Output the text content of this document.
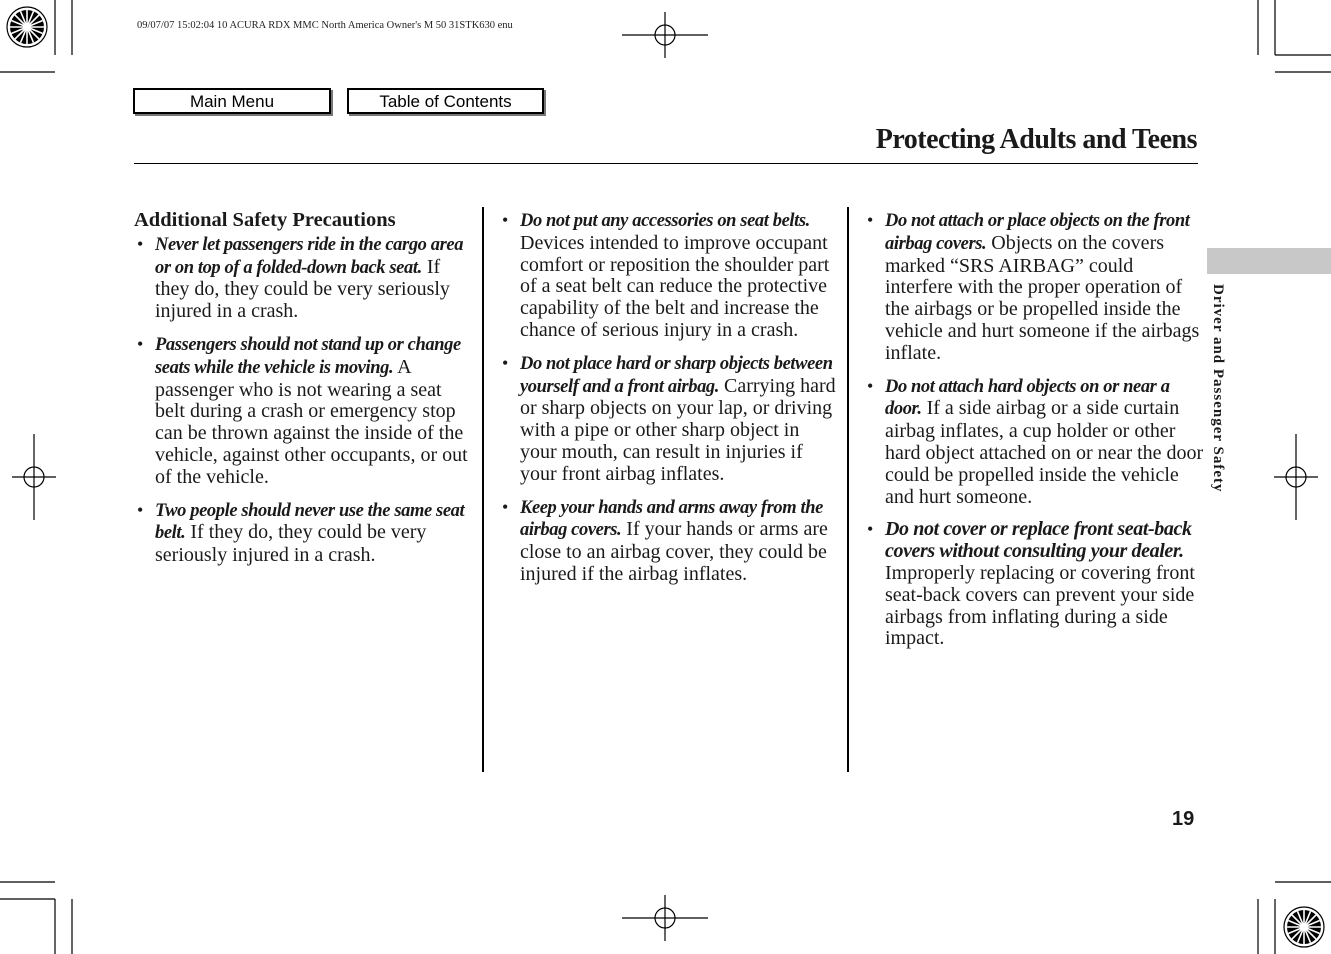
09/07/07 15:02:04 10 ACURA RDX MMC North America Owner's M 50 31STK630 enu
Main Menu	Table of Contents
Protecting Adults and Teens
Driver and Passenger Safety
Additional Safety Precautions
• Never let passengers ride in the cargo area or on top of a folded-down back seat. If they do, they could be very seriously injured in a crash.
• Passengers should not stand up or change seats while the vehicle is moving. A passenger who is not wearing a seat belt during a crash or emergency stop can be thrown against the inside of the vehicle, against other occupants, or out of the vehicle.
• Two people should never use the same seat belt. If they do, they could be very seriously injured in a crash.
• Do not put any accessories on seat belts. Devices intended to improve occupant comfort or reposition the shoulder part of a seat belt can reduce the protective capability of the belt and increase the chance of serious injury in a crash.
• Do not place hard or sharp objects between yourself and a front airbag. Carrying hard or sharp objects on your lap, or driving with a pipe or other sharp object in your mouth, can result in injuries if your front airbag inflates.
• Keep your hands and arms away from the airbag covers. If your hands or arms are close to an airbag cover, they could be injured if the airbag inflates.
• Do not attach or place objects on the front airbag covers. Objects on the covers marked “SRS AIRBAG” could interfere with the proper operation of the airbags or be propelled inside the vehicle and hurt someone if the airbags inflate.
• Do not attach hard objects on or near a door. If a side airbag or a side curtain airbag inflates, a cup holder or other hard object attached on or near the door could be propelled inside the vehicle and hurt someone.
• Do not cover or replace front seat-back covers without consulting your dealer. Improperly replacing or covering front seat-back covers can prevent your side airbags from inflating during a side impact.
19
